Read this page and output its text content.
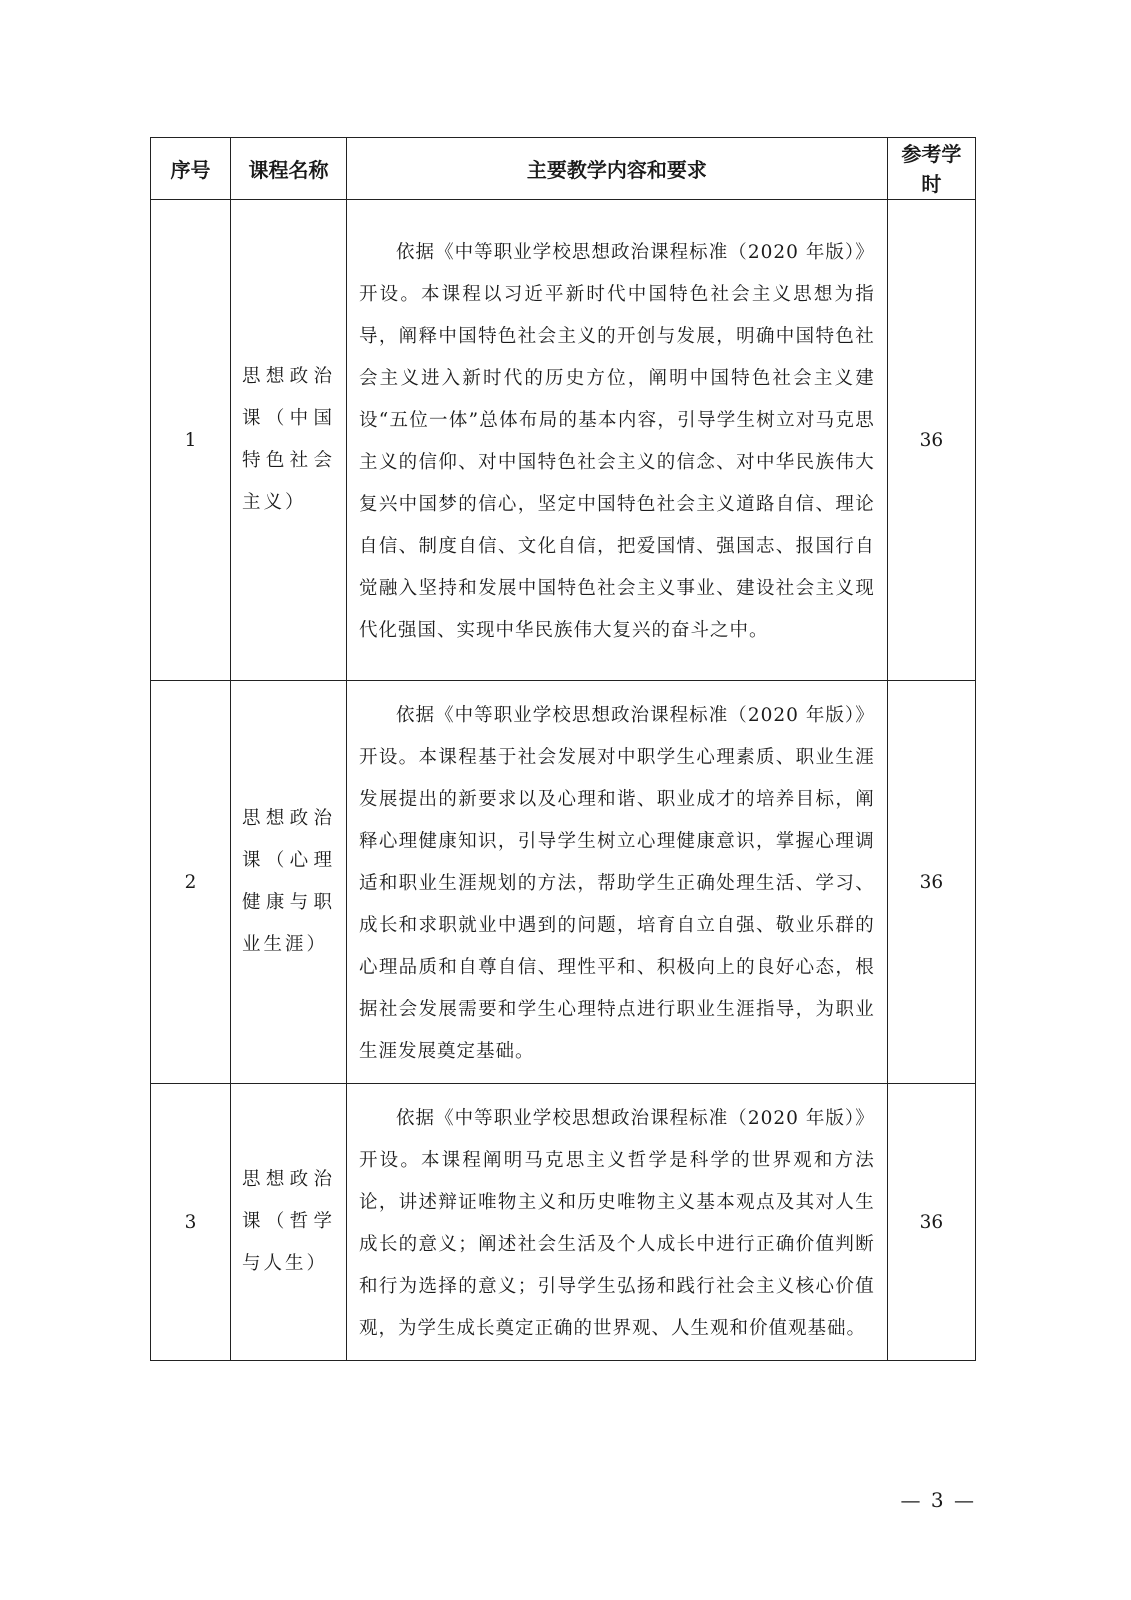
序号	课程名称	主要教学内容和要求	参考学时
1	思想政治课（中国特色社会主义）	依据《中等职业学校思想政治课程标准（2020 年版）》开设。本课程以习近平新时代中国特色社会主义思想为指导，阐释中国特色社会主义的开创与发展，明确中国特色社会主义进入新时代的历史方位，阐明中国特色社会主义建设“五位一体”总体布局的基本内容，引导学生树立对马克思主义的信仰、对中国特色社会主义的信念、对中华民族伟大复兴中国梦的信心，坚定中国特色社会主义道路自信、理论自信、制度自信、文化自信，把爱国情、强国志、报国行自觉融入坚持和发展中国特色社会主义事业、建设社会主义现代化强国、实现中华民族伟大复兴的奋斗之中。	36
2	思想政治课（心理健康与职业生涯）	依据《中等职业学校思想政治课程标准（2020 年版）》开设。本课程基于社会发展对中职学生心理素质、职业生涯发展提出的新要求以及心理和谐、职业成才的培养目标，阐释心理健康知识，引导学生树立心理健康意识，掌握心理调适和职业生涯规划的方法，帮助学生正确处理生活、学习、成长和求职就业中遇到的问题，培育自立自强、敬业乐群的心理品质和自尊自信、理性平和、积极向上的良好心态，根据社会发展需要和学生心理特点进行职业生涯指导，为职业生涯发展奠定基础。	36
3	思想政治课（哲学与人生）	依据《中等职业学校思想政治课程标准（2020 年版）》开设。本课程阐明马克思主义哲学是科学的世界观和方法论，讲述辩证唯物主义和历史唯物主义基本观点及其对人生成长的意义；阐述社会生活及个人成长中进行正确价值判断和行为选择的意义；引导学生弘扬和践行社会主义核心价值观，为学生成长奠定正确的世界观、人生观和价值观基础。	36
— 3 —
